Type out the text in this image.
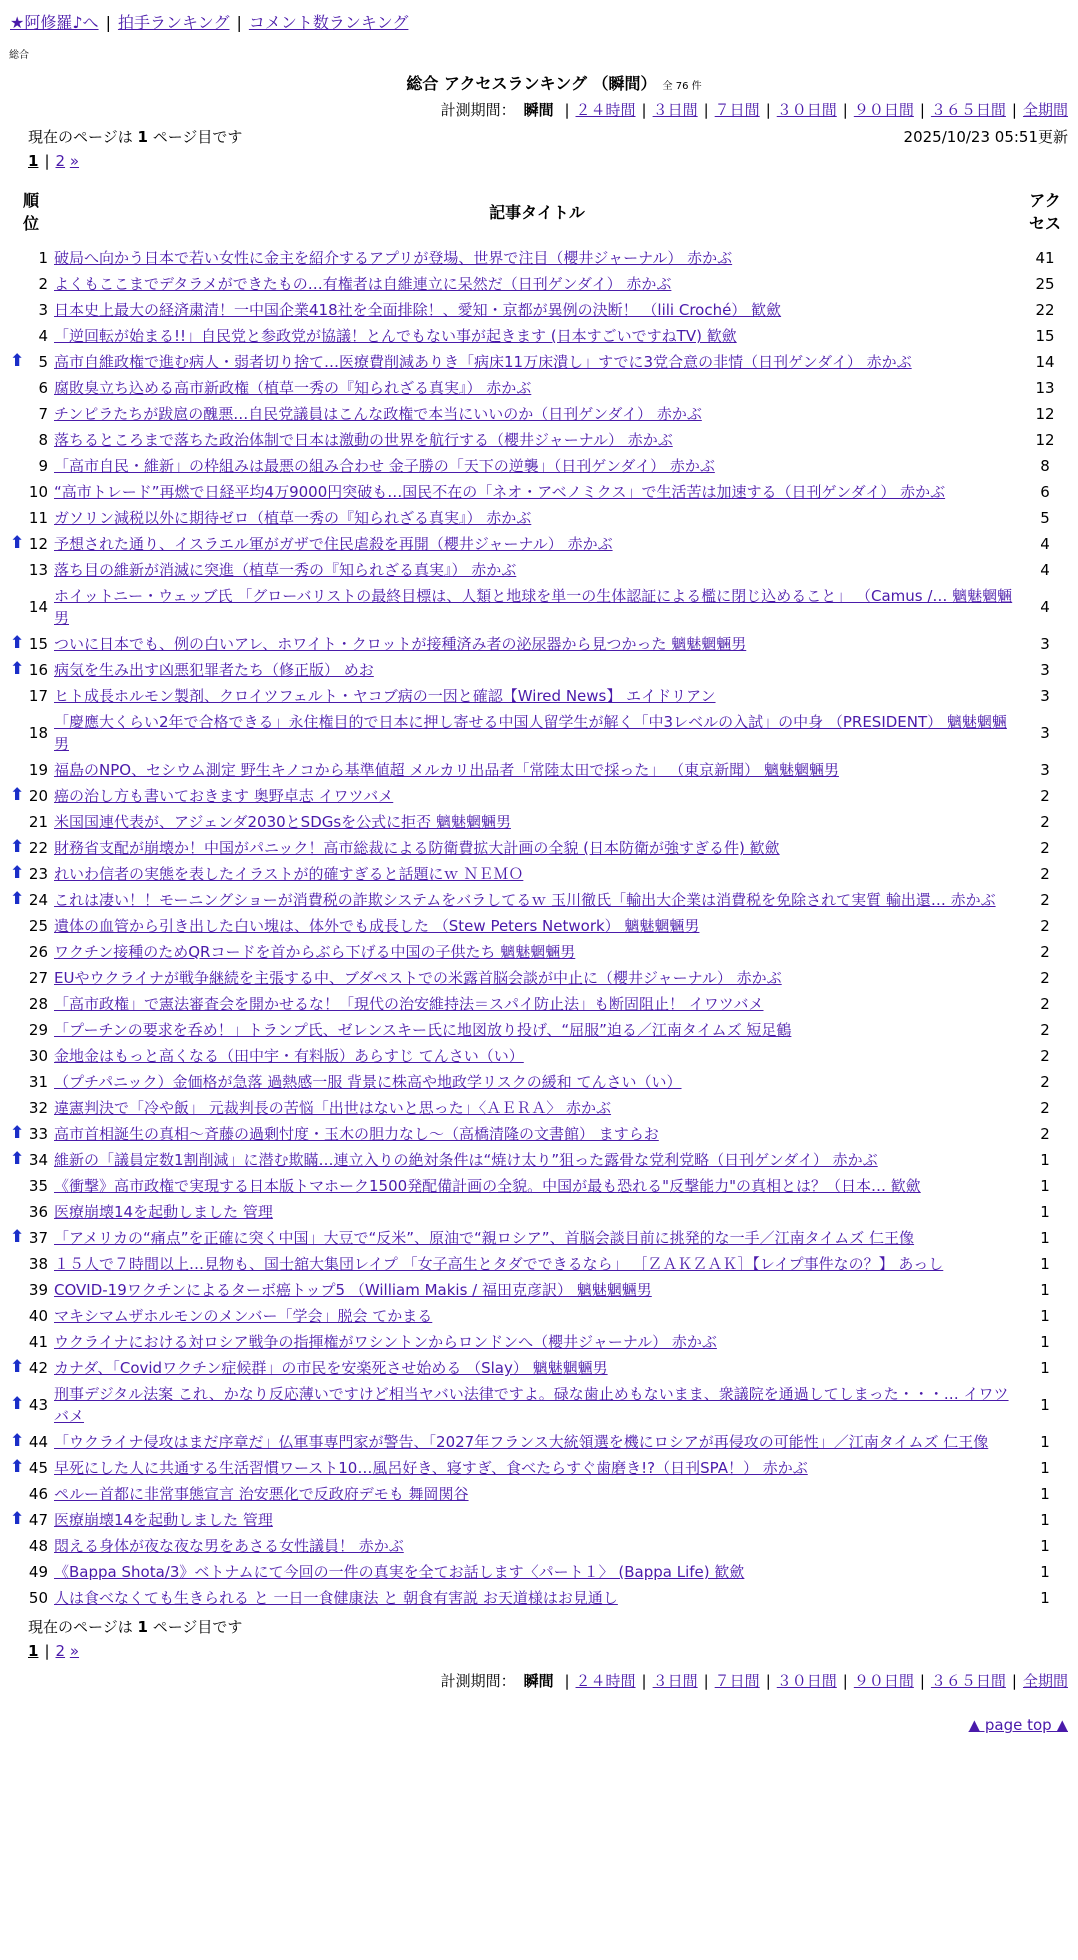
★阿修羅♪へ | 拍手ランキング | コメント数ランキング
総合
総合 アクセスランキング （瞬間） 全 76 件
計測期間： 瞬間 | ２４時間 | ３日間 | ７日間 | ３０日間 | ９０日間 | ３６５日間 | 全期間
現在のページは 1 ページ目です	2025/10/23 05:51更新
1 | 2 »
順
位	記事タイトル	アク
セス
1	破局へ向かう日本で若い女性に金主を紹介するアプリが登場、世界で注目（櫻井ジャーナル） 赤かぶ	41
2	よくもここまでデタラメができたもの…有権者は自維連立に呆然だ（日刊ゲンダイ） 赤かぶ	25
3	日本史上最大の経済粛清！一中国企業418社を全面排除！、愛知・京都が異例の決断！ （lili Croché） 歓歛	22
4	「逆回転が始まる!!」自民党と参政党が協議！とんでもない事が起きます (日本すごいですねTV) 歓歛	15

⬆ 5	高市自維政権で進む病人・弱者切り捨て…医療費削減ありき「病床11万床潰し」すでに3党合意の非情（日刊ゲンダイ） 赤かぶ	14
6	腐敗臭立ち込める高市新政権（植草一秀の『知られざる真実』） 赤かぶ	13
7	チンピラたちが跋扈の醜悪…自民党議員はこんな政権で本当にいいのか（日刊ゲンダイ） 赤かぶ	12
8	落ちるところまで落ちた政治体制で日本は激動の世界を航行する（櫻井ジャーナル） 赤かぶ	12
9	「高市自民・維新」の枠組みは最悪の組み合わせ 金子勝の「天下の逆襲」（日刊ゲンダイ） 赤かぶ	8
10	“高市トレード”再燃で日経平均4万9000円突破も…国民不在の「ネオ・アベノミクス」で生活苦は加速する（日刊ゲンダイ） 赤かぶ	6
11	ガソリン減税以外に期待ゼロ（植草一秀の『知られざる真実』） 赤かぶ	5

⬆ 12	予想された通り、イスラエル軍がガザで住民虐殺を再開（櫻井ジャーナル） 赤かぶ	4
13	落ち目の維新が消滅に突進（植草一秀の『知られざる真実』） 赤かぶ	4
14	ホイットニー・ウェッブ氏 「グローバリストの最終目標は、人類と地球を単一の生体認証による檻に閉じ込めること」 （Camus /… 魑魅魍魎男	4

⬆ 15	ついに日本でも、例の白いアレ、ホワイト・クロットが接種済み者の泌尿器から見つかった 魑魅魍魎男	3

⬆ 16	病気を生み出す凶悪犯罪者たち（修正版） めお	3
17	ヒト成長ホルモン製剤、クロイツフェルト・ヤコブ病の一因と確認【Wired News】 エイドリアン	3
18	「慶應大くらい2年で合格できる」永住権目的で日本に押し寄せる中国人留学生が解く「中3レベルの入試」の中身 （PRESIDENT） 魑魅魍魎男	3
19	福島のNPO、セシウム測定 野生キノコから基準値超 メルカリ出品者「常陸太田で採った」 （東京新聞） 魑魅魍魎男	3

⬆ 20	癌の治し方も書いておきます 奥野卓志 イワツバメ	2
21	米国国連代表が、アジェンダ2030とSDGsを公式に拒否 魑魅魍魎男	2

⬆ 22	財務省支配が崩壊か！中国がパニック！高市総裁による防衛費拡大計画の全貌 (日本防衛が強すぎる件) 歓歛	2

⬆ 23	れいわ信者の実態を表したイラストが的確すぎると話題にｗ ＮＥＭＯ	2

⬆ 24	これは凄い！！モーニングショーが消費税の詐欺システムをバラしてるｗ 玉川徹氏「輸出大企業は消費税を免除されて実質 輸出還… 赤かぶ	2
25	遺体の血管から引き出した白い塊は、体外でも成長した （Stew Peters Network） 魑魅魍魎男	2
26	ワクチン接種のためQRコードを首からぶら下げる中国の子供たち 魑魅魍魎男	2
27	EUやウクライナが戦争継続を主張する中、ブダペストでの米露首脳会談が中止に（櫻井ジャーナル） 赤かぶ	2
28	「高市政権」で憲法審査会を開かせるな！「現代の治安維持法＝スパイ防止法」も断固阻止！ イワツバメ	2
29	「プーチンの要求を呑め！」トランプ氏、ゼレンスキー氏に地図放り投げ、“屈服”迫る／江南タイムズ 短足鶴	2
30	金地金はもっと高くなる（田中宇・有料版）あらすじ てんさい（い）	2
31	（プチパニック）金価格が急落 過熱感一服 背景に株高や地政学リスクの緩和 てんさい（い）	2
32	違憲判決で「冷や飯」 元裁判長の苦悩「出世はないと思った」〈ＡＥＲＡ〉 赤かぶ	2

⬆ 33	高市首相誕生の真相～斉藤の過剰忖度・玉木の胆力なし～（高橋清隆の文書館） ますらお	2

⬆ 34	維新の「議員定数1割削減」に潜む欺瞞…連立入りの絶対条件は“焼け太り”狙った露骨な党利党略（日刊ゲンダイ） 赤かぶ	1
35	《衝撃》高市政権で実現する日本版トマホーク1500発配備計画の全貌。中国が最も恐れる"反撃能力"の真相とは？（日本… 歓歛	1
36	医療崩壊14を起動しました 管理	1

⬆ 37	「アメリカの“痛点”を正確に突く中国」大豆で“反米”、原油で“親ロシア”、首脳会談目前に挑発的な一手／江南タイムズ 仁王像	1
38	１５人で７時間以上…見物も、国士舘大集団レイプ 「女子高生とタダでできるなら」 ［ＺＡＫＺＡＫ］【レイプ事件なの？】 あっし	1
39	COVID-19ワクチンによるターボ癌トップ5 （William Makis / 福田克彦訳） 魑魅魍魎男	1
40	マキシマムザホルモンのメンバー「学会」脱会 てかまる	1
41	ウクライナにおける対ロシア戦争の指揮権がワシントンからロンドンへ（櫻井ジャーナル） 赤かぶ	1

⬆ 42	カナダ、「Covidワクチン症候群」の市民を安楽死させ始める （Slay） 魑魅魍魎男	1

⬆ 43	刑事デジタル法案 これ、かなり反応薄いですけど相当ヤバい法律ですよ。碌な歯止めもないまま、衆議院を通過してしまった・・・… イワツバメ	1

⬆ 44	「ウクライナ侵攻はまだ序章だ」仏軍事専門家が警告、「2027年フランス大統領選を機にロシアが再侵攻の可能性」／江南タイムズ 仁王像	1

⬆ 45	早死にした人に共通する生活習慣ワースト10…風呂好き、寝すぎ、食べたらすぐ歯磨き!?（日刊SPA！） 赤かぶ	1
46	ペルー首都に非常事態宣言 治安悪化で反政府デモも 舞岡関谷	1

⬆ 47	医療崩壊14を起動しました 管理	1
48	悶える身体が夜な夜な男をあさる女性議員！ 赤かぶ	1
49	《Bappa Shota/3》ベトナムにて今回の一件の真実を全てお話します〈パート１〉 (Bappa Life) 歓歛	1
50	人は食べなくても生きられる と 一日一食健康法 と 朝食有害説 お天道様はお見通し	1
現在のページは 1 ページ目です
1 | 2 »
計測期間： 瞬間 | ２４時間 | ３日間 | ７日間 | ３０日間 | ９０日間 | ３６５日間 | 全期間
▲ page top ▲
